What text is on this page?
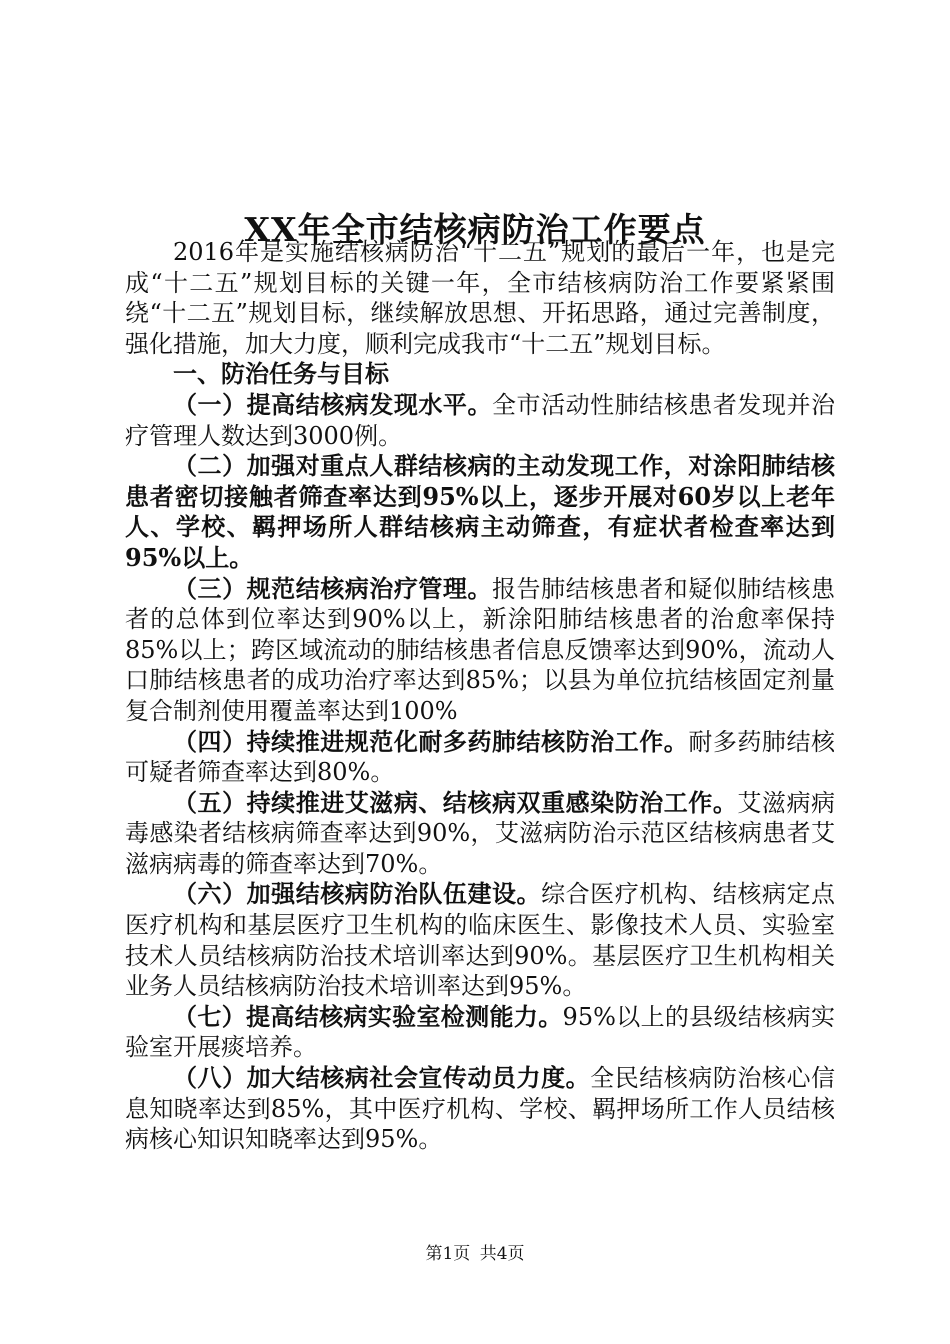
XX年全市结核病防治工作要点

2016年是实施结核病防治“十二五”规划的最后一年，也是完成“十二五”规划目标的关键一年，全市结核病防治工作要紧紧围绕“十二五”规划目标，继续解放思想、开拓思路，通过完善制度，强化措施，加大力度，顺利完成我市“十二五”规划目标。

一、防治任务与目标

（一）提高结核病发现水平。全市活动性肺结核患者发现并治疗管理人数达到3000例。

（二）加强对重点人群结核病的主动发现工作，对涂阳肺结核患者密切接触者筛查率达到95%以上，逐步开展对60岁以上老年人、学校、羁押场所人群结核病主动筛查，有症状者检查率达到95%以上。

（三）规范结核病治疗管理。报告肺结核患者和疑似肺结核患者的总体到位率达到90%以上，新涂阳肺结核患者的治愈率保持85%以上；跨区域流动的肺结核患者信息反馈率达到90%，流动人口肺结核患者的成功治疗率达到85%；以县为单位抗结核固定剂量复合制剂使用覆盖率达到100%

（四）持续推进规范化耐多药肺结核防治工作。耐多药肺结核可疑者筛查率达到80%。

（五）持续推进艾滋病、结核病双重感染防治工作。艾滋病病毒感染者结核病筛查率达到90%，艾滋病防治示范区结核病患者艾滋病病毒的筛查率达到70%。

（六）加强结核病防治队伍建设。综合医疗机构、结核病定点医疗机构和基层医疗卫生机构的临床医生、影像技术人员、实验室技术人员结核病防治技术培训率达到90%。基层医疗卫生机构相关业务人员结核病防治技术培训率达到95%。

（七）提高结核病实验室检测能力。95%以上的县级结核病实验室开展痰培养。

（八）加大结核病社会宣传动员力度。全民结核病防治核心信息知晓率达到85%，其中医疗机构、学校、羁押场所工作人员结核病核心知识知晓率达到95%。

第1页 共4页
